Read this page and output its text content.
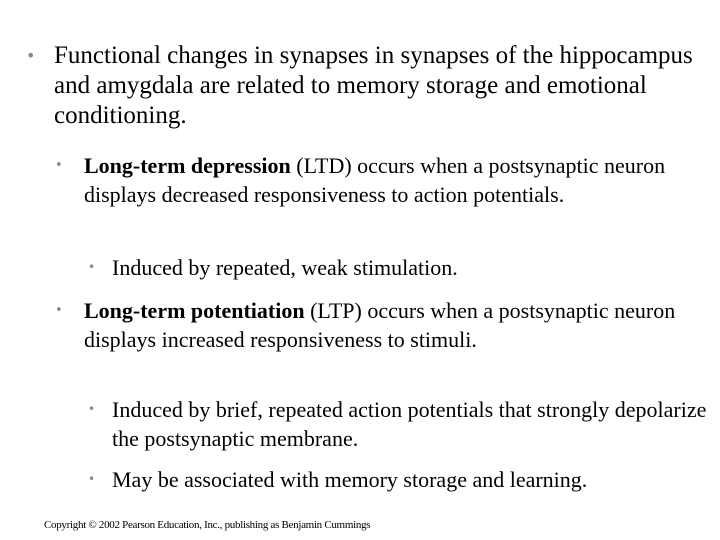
• Functional changes in synapses in synapses of the hippocampus and amygdala are related to memory storage and emotional conditioning.
• Long-term depression (LTD) occurs when a postsynaptic neuron displays decreased responsiveness to action potentials.
• Induced by repeated, weak stimulation.
• Long-term potentiation (LTP) occurs when a postsynaptic neuron displays increased responsiveness to stimuli.
• Induced by brief, repeated action potentials that strongly depolarize the postsynaptic membrane.
• May be associated with memory storage and learning.
Copyright © 2002 Pearson Education, Inc., publishing as Benjamin Cummings
